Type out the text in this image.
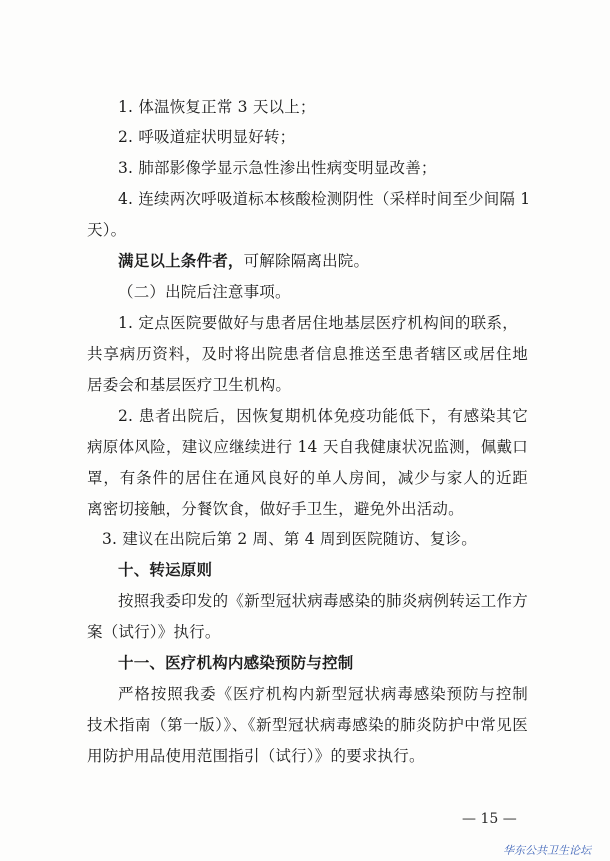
1. 体温恢复正常 3 天以上；
2. 呼吸道症状明显好转；
3. 肺部影像学显示急性渗出性病变明显改善；
4. 连续两次呼吸道标本核酸检测阴性（采样时间至少间隔 1
天）。
满足以上条件者，可解除隔离出院。
（二）出院后注意事项。
1. 定点医院要做好与患者居住地基层医疗机构间的联系，
共享病历资料，及时将出院患者信息推送至患者辖区或居住地
居委会和基层医疗卫生机构。
2. 患者出院后，因恢复期机体免疫功能低下，有感染其它
病原体风险，建议应继续进行 14 天自我健康状况监测，佩戴口
罩，有条件的居住在通风良好的单人房间，减少与家人的近距
离密切接触，分餐饮食，做好手卫生，避免外出活动。
3. 建议在出院后第 2 周、第 4 周到医院随访、复诊。
十、转运原则
按照我委印发的《新型冠状病毒感染的肺炎病例转运工作方
案（试行）》执行。
十一、医疗机构内感染预防与控制
严格按照我委《医疗机构内新型冠状病毒感染预防与控制
技术指南（第一版）》、《新型冠状病毒感染的肺炎防护中常见医
用防护用品使用范围指引（试行）》的要求执行。
— 15 —
华东公共卫生论坛
